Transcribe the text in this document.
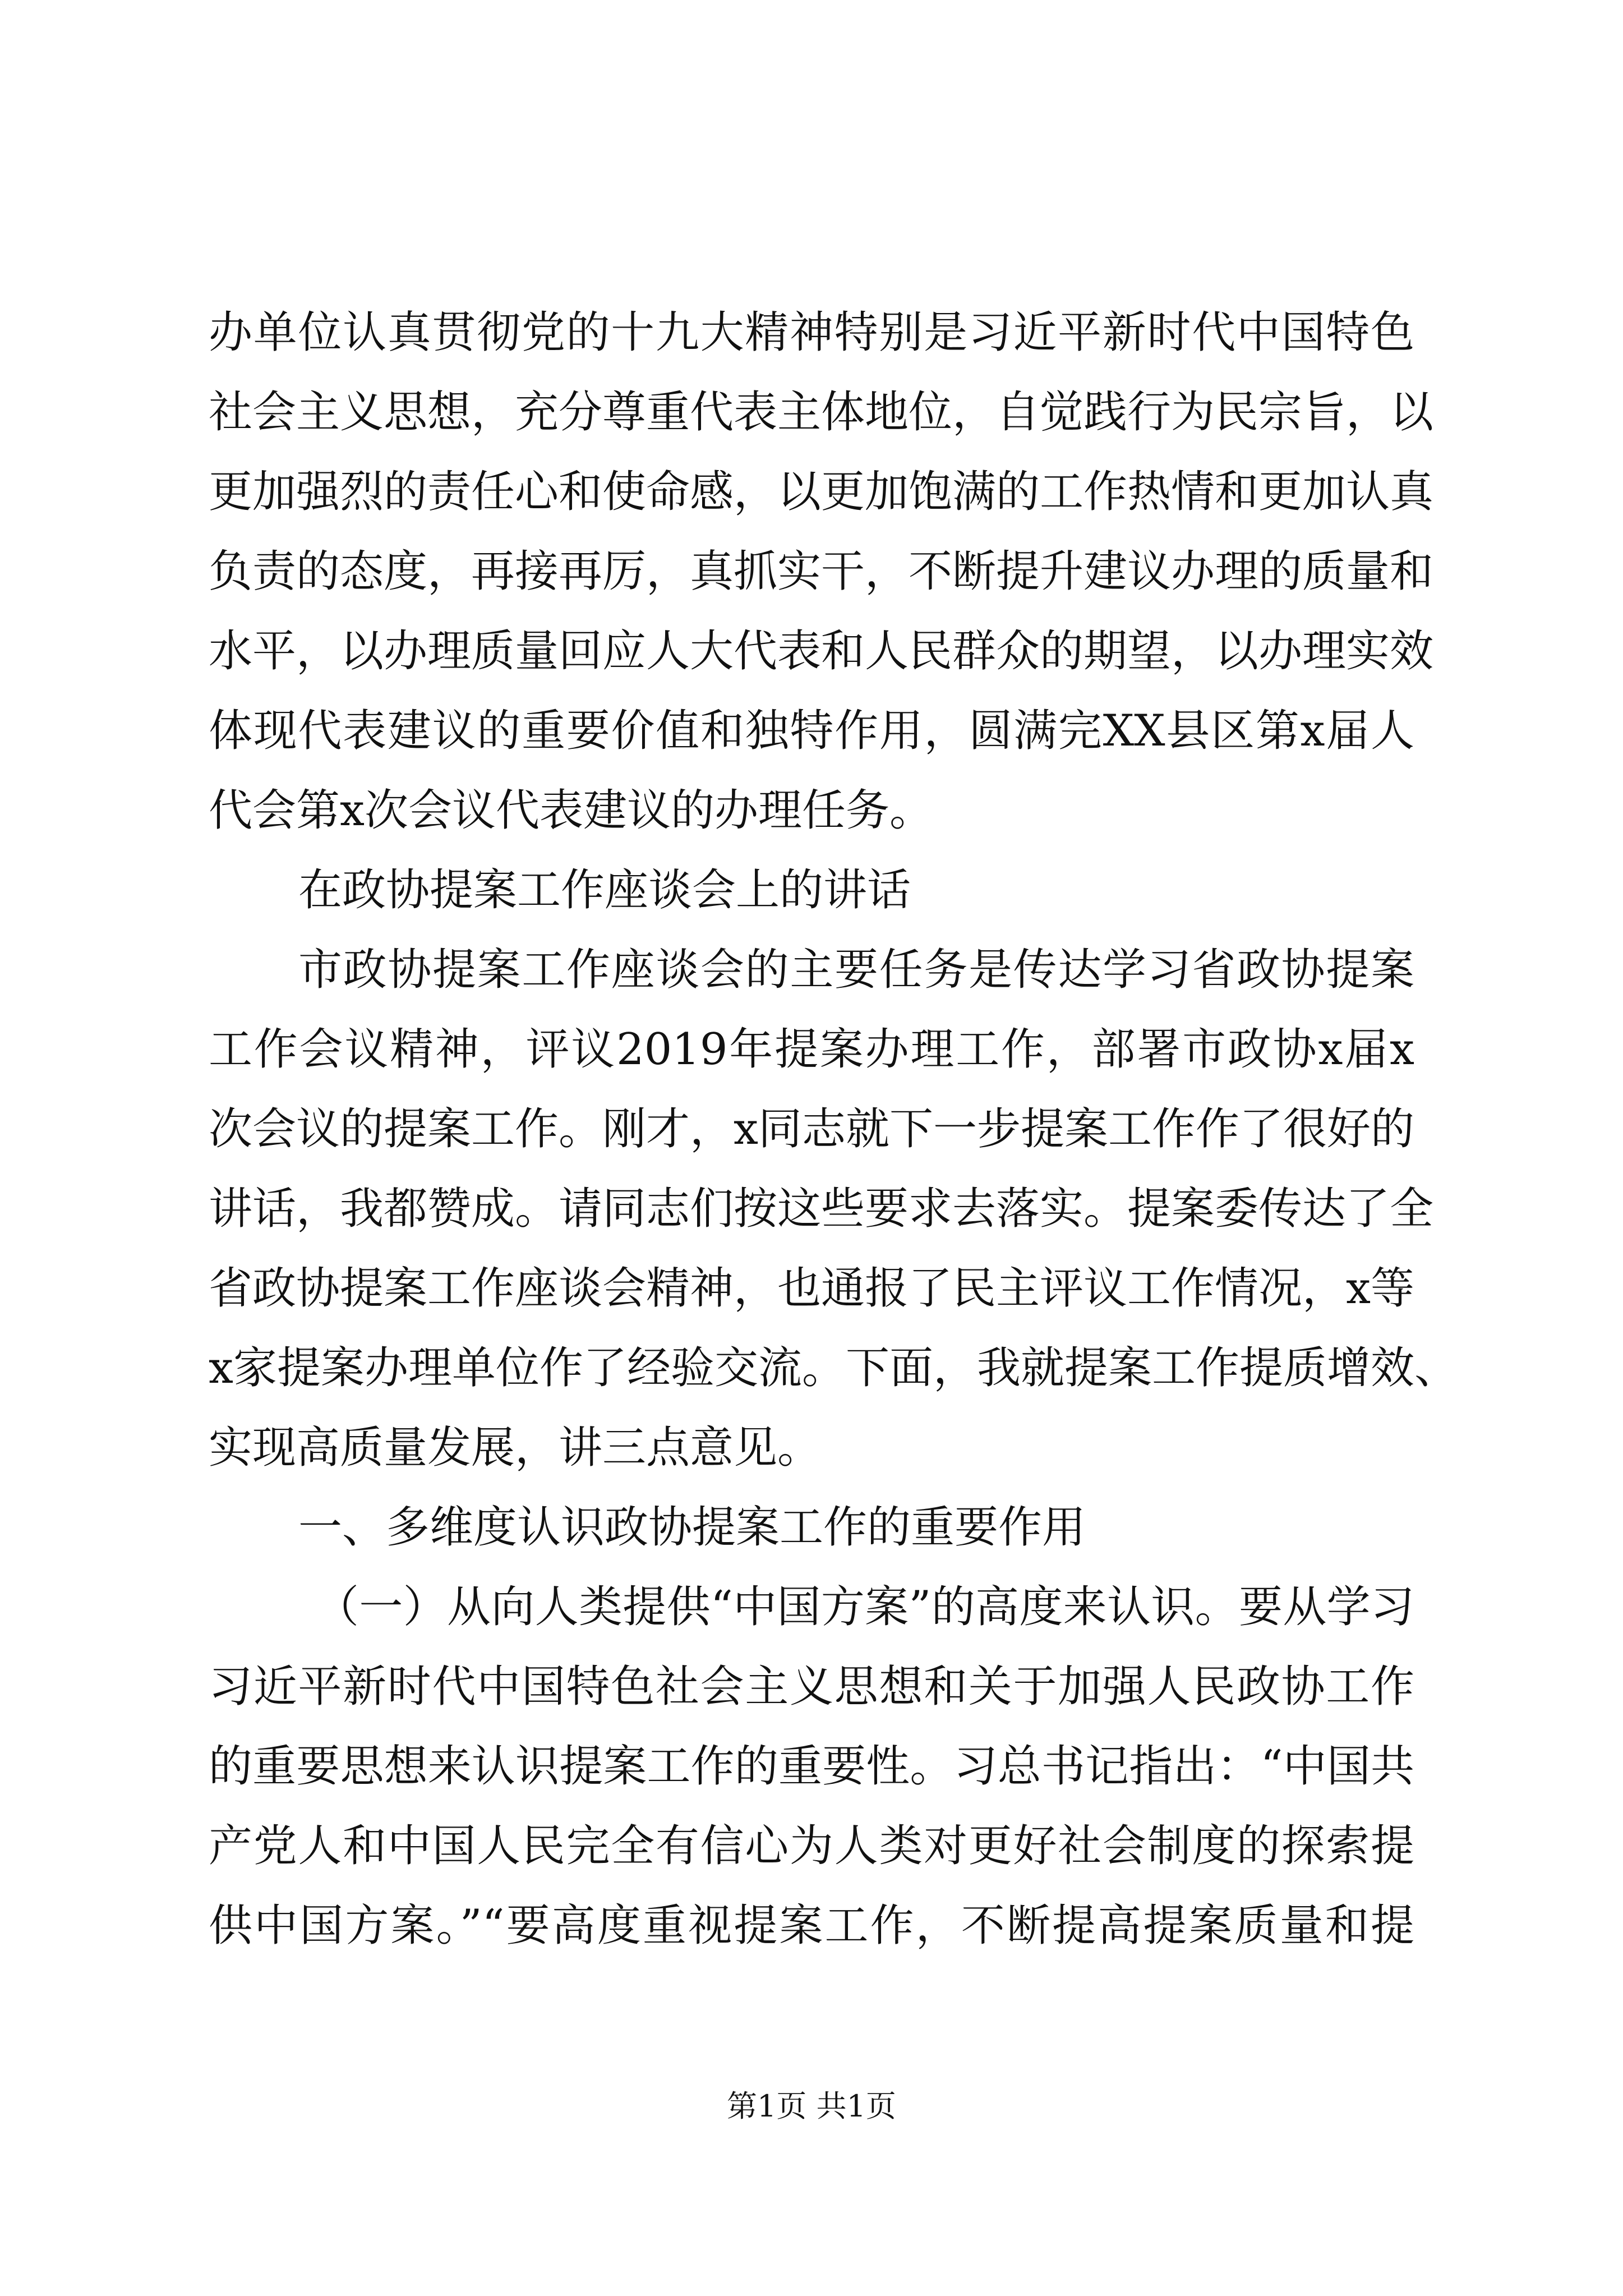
办单位认真贯彻党的十九大精神特别是习近平新时代中国特色
社会主义思想，充分尊重代表主体地位，自觉践行为民宗旨，以
更加强烈的责任心和使命感，以更加饱满的工作热情和更加认真
负责的态度，再接再厉，真抓实干，不断提升建议办理的质量和
水平，以办理质量回应人大代表和人民群众的期望，以办理实效
体现代表建议的重要价值和独特作用，圆满完XX县区第x届人
代会第x次会议代表建议的办理任务。
在政协提案工作座谈会上的讲话
市政协提案工作座谈会的主要任务是传达学习省政协提案
工作会议精神，评议2019年提案办理工作，部署市政协x届x
次会议的提案工作。刚才，x同志就下一步提案工作作了很好的
讲话，我都赞成。请同志们按这些要求去落实。提案委传达了全
省政协提案工作座谈会精神，也通报了民主评议工作情况，x等
x家提案办理单位作了经验交流。下面，我就提案工作提质增效、
实现高质量发展，讲三点意见。
一、多维度认识政协提案工作的重要作用
（一）从向人类提供“中国方案”的高度来认识。要从学习
习近平新时代中国特色社会主义思想和关于加强人民政协工作
的重要思想来认识提案工作的重要性。习总书记指出：“中国共
产党人和中国人民完全有信心为人类对更好社会制度的探索提
供中国方案。”“要高度重视提案工作，不断提高提案质量和提
第1页 共1页
